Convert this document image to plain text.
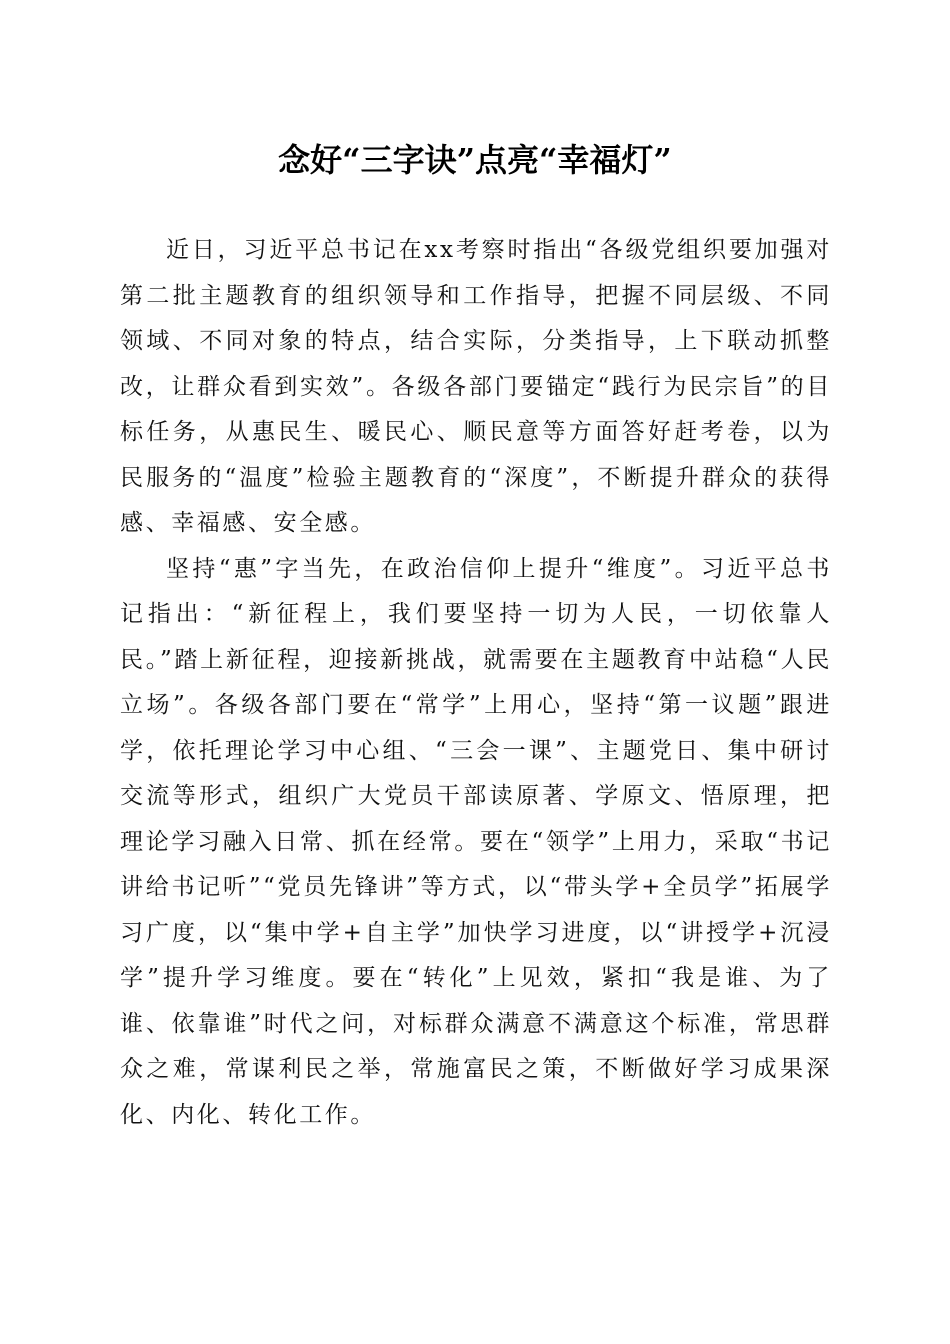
念好“三字诀”点亮“幸福灯”

近日，习近平总书记在xx考察时指出“各级党组织要加强对第二批主题教育的组织领导和工作指导，把握不同层级、不同领域、不同对象的特点，结合实际，分类指导，上下联动抓整改，让群众看到实效”。各级各部门要锚定“践行为民宗旨”的目标任务，从惠民生、暖民心、顺民意等方面答好赶考卷，以为民服务的“温度”检验主题教育的“深度”，不断提升群众的获得感、幸福感、安全感。

坚持“惠”字当先，在政治信仰上提升“维度”。习近平总书记指出：“新征程上，我们要坚持一切为人民，一切依靠人民。”踏上新征程，迎接新挑战，就需要在主题教育中站稳“人民立场”。各级各部门要在“常学”上用心，坚持“第一议题”跟进学，依托理论学习中心组、“三会一课”、主题党日、集中研讨交流等形式，组织广大党员干部读原著、学原文、悟原理，把理论学习融入日常、抓在经常。要在“领学”上用力，采取“书记讲给书记听”“党员先锋讲”等方式，以“带头学+全员学”拓展学习广度，以“集中学+自主学”加快学习进度，以“讲授学+沉浸学”提升学习维度。要在“转化”上见效，紧扣“我是谁、为了谁、依靠谁”时代之问，对标群众满意不满意这个标准，常思群众之难，常谋利民之举，常施富民之策，不断做好学习成果深化、内化、转化工作。
